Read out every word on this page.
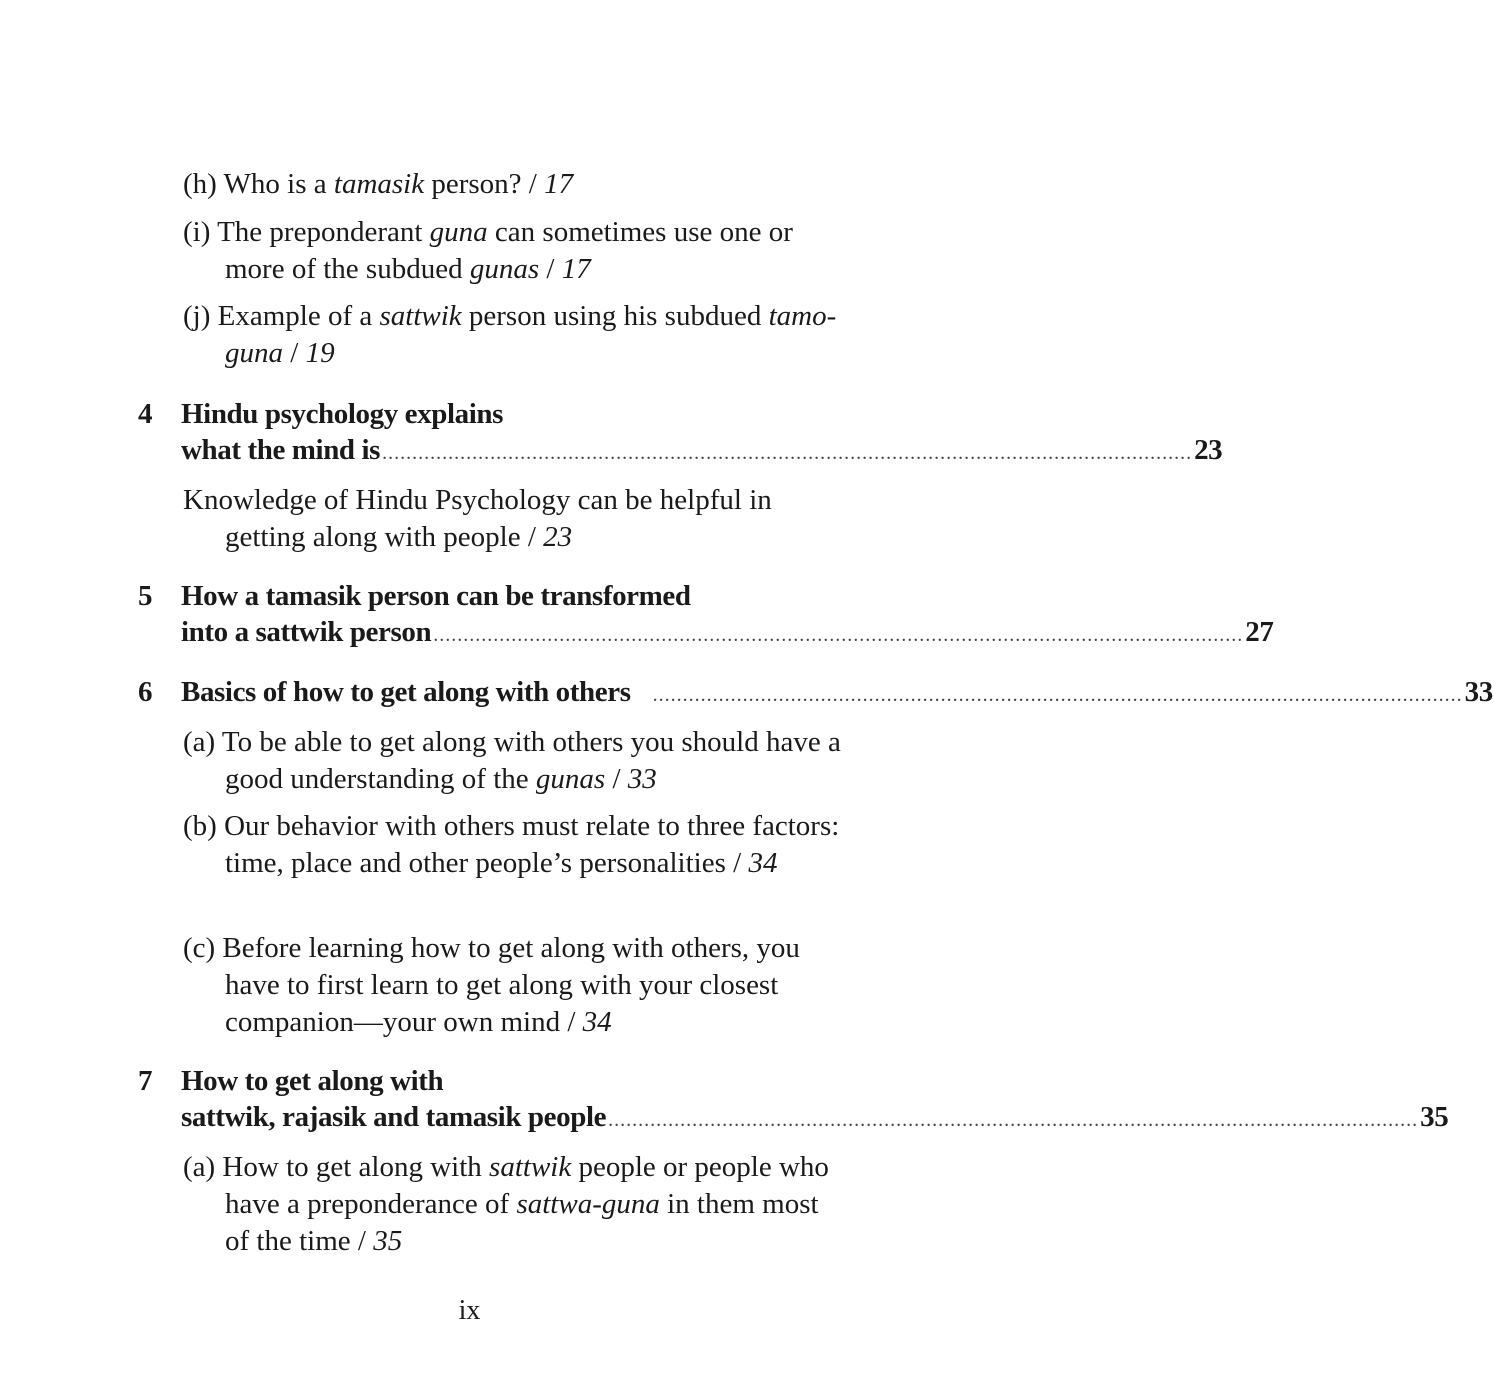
(h) Who is a tamasik person? / 17
(i) The preponderant guna can sometimes use one or more of the subdued gunas / 17
(j) Example of a sattwik person using his subdued tamo-guna / 19
4 Hindu psychology explains
what the mind is ....................................................................................................................................... 23
Knowledge of Hindu Psychology can be helpful in getting along with people / 23
5 How a tamasik person can be transformed
into a sattwik person ....................................................................................................................................... 27
6 Basics of how to get along with others ....................................................................................................................................... 33
(a) To be able to get along with others you should have a good understanding of the gunas / 33
(b) Our behavior with others must relate to three factors: time, place and other people’s personalities / 34
(c) Before learning how to get along with others, you have to first learn to get along with your closest companion—your own mind / 34
7 How to get along with
sattwik, rajasik and tamasik people ....................................................................................................................................... 35
(a) How to get along with sattwik people or people who have a preponderance of sattwa-guna in them most of the time / 35
ix
